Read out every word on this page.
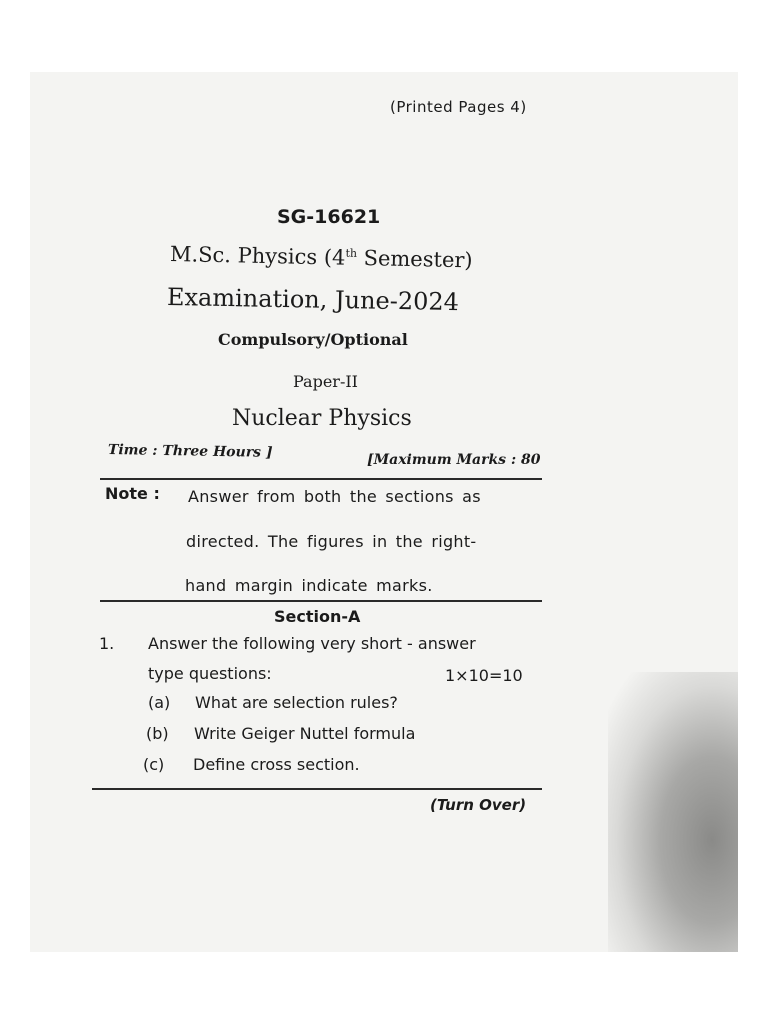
(Printed Pages 4)
SG-16621
M.Sc. Physics (4th Semester)
Examination, June-2024
Compulsory/Optional
Paper-II
Nuclear Physics
Time : Three Hours ]	[Maximum Marks : 80
Note : Answer from both the sections as
directed. The figures in the right-
hand margin indicate marks.
Section-A
1. Answer the following very short - answer
type questions:	1×10=10
(a) What are selection rules?
(b) Write Geiger Nuttel formula
(c) Define cross section.
(Turn Over)
